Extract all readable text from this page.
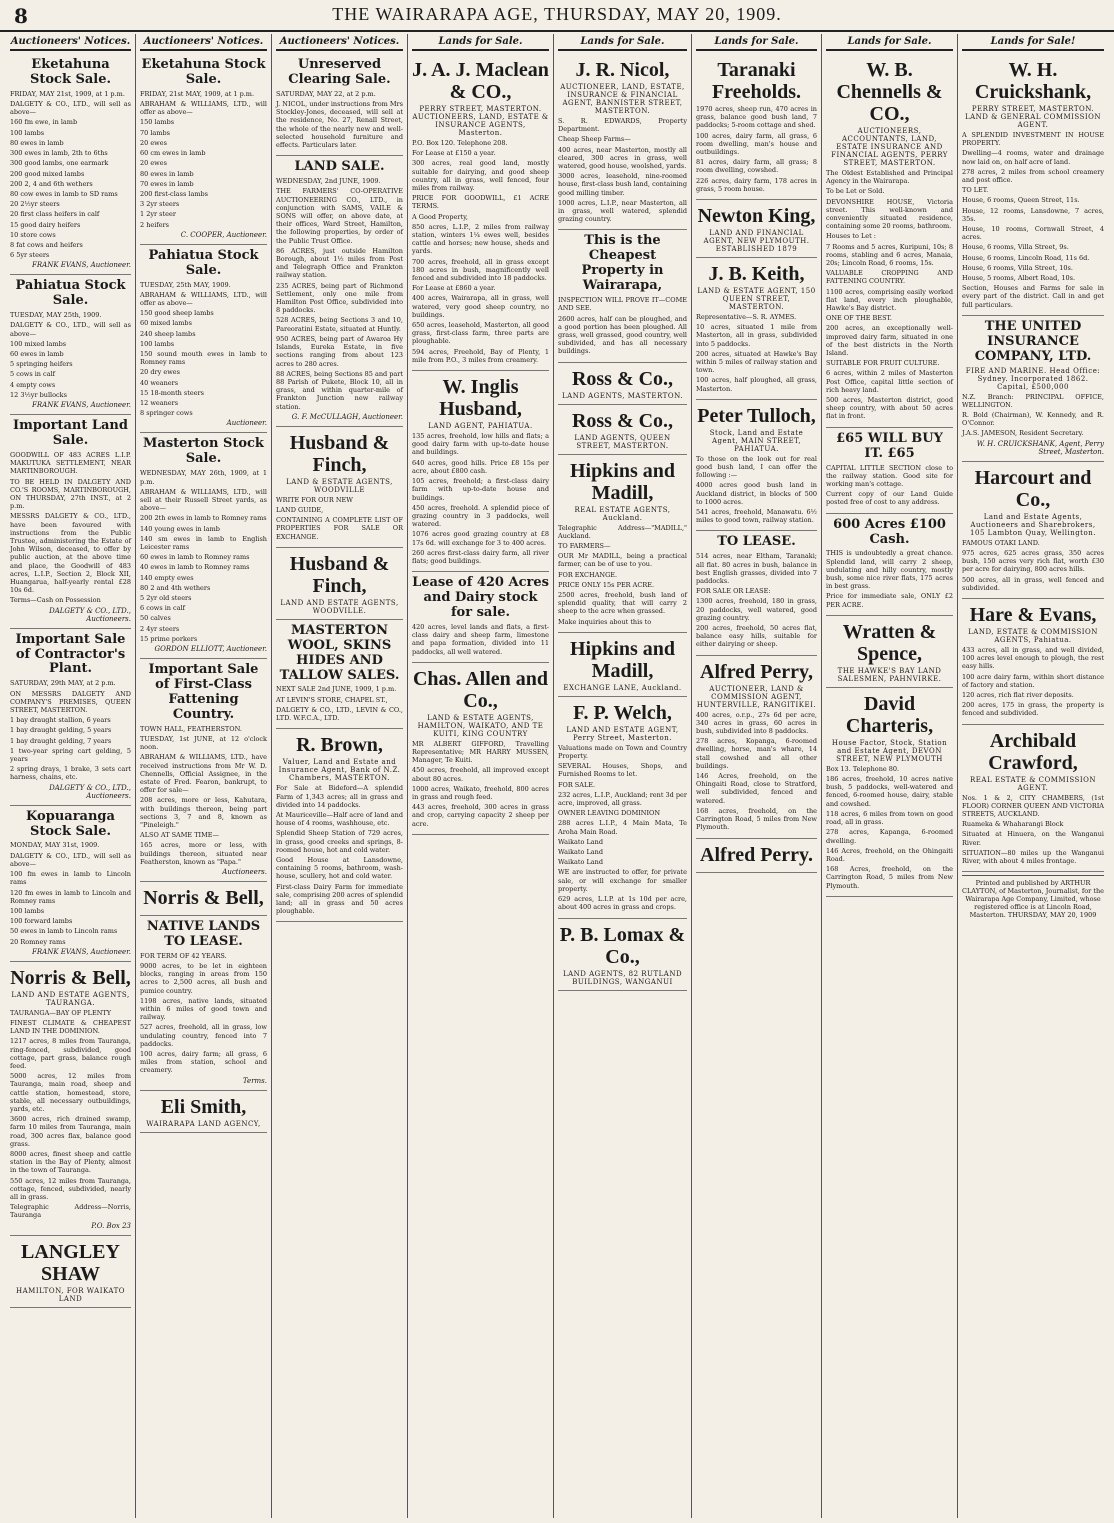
8	THE WAIRARAPA AGE, THURSDAY, MAY 20, 1909.
Auctioneers' Notices.
Eketahuna Stock Sale.
FRIDAY, MAY 21st, 1909, at 1 p.m.
DALGETY & CO., LTD., will sell as above—
160 fm ewe, in lamb
100 lambs
80 ewes in lamb
300 ewes in lamb, 2th to 6ths
300 good lambs, one earmark
200 good mixed lambs
200 2, 4 and 6th wethers
80 cow ewes in lamb to SD rams
20 2½yr steers
20 first class heifers in calf
15 good dairy heifers
10 store cows
8 fat cows and heifers
6 5yr steers
FRANK EVANS, Auctioneer.
Pahiatua Stock Sale.
TUESDAY, MAY 25th, 1909.
DALGETY & CO., LTD., will sell as above—
100 mixed lambs
60 ewes in lamb
5 springing heifers
5 cows in calf
4 empty cows
12 3½yr bullocks
FRANK EVANS, Auctioneer.
Important Land Sale.
GOODWILL OF 483 ACRES L.I.P. MAKUTUKA SETTLEMENT, NEAR MARTINBOROUGH.
TO BE HELD IN DALGETY AND CO.'S ROOMS, MARTINBOROUGH, ON THURSDAY, 27th INST., at 2 p.m.
MESSRS DALGETY & CO., LTD., have been favoured with instructions from the Public Trustee, administering the Estate of John Wilson, deceased, to offer by public auction, at the above time and place, the Goodwill of 483 acres, L.I.P., Section 2, Block XII, Huangarua, half-yearly rental £28 10s 6d.
Terms—Cash on Possession
DALGETY & CO., LTD., Auctioneers.
Important Sale of Contractor's Plant.
SATURDAY, 29th MAY, at 2 p.m.
ON MESSRS DALGETY AND COMPANY'S PREMISES, QUEEN STREET, MASTERTON.
1 bay draught stallion, 6 years
1 bay draught gelding, 5 years
1 bay draught gelding, 7 years
1 two-year spring cart gelding, 5 years
2 spring drays, 1 brake, 3 sets cart harness, chains, etc.
DALGETY & CO., LTD., Auctioneers.
Kopuaranga Stock Sale.
MONDAY, MAY 31st, 1909.
DALGETY & CO., LTD., will sell as above—
100 fm ewes in lamb to Lincoln rams
120 fm ewes in lamb to Lincoln and Romney rams
100 lambs
100 forward lambs
50 ewes in lamb to Lincoln rams
20 Romney rams
FRANK EVANS, Auctioneer.
Norris & Bell,
LAND AND ESTATE AGENTS, TAURANGA.
TAURANGA—BAY OF PLENTY
FINEST CLIMATE & CHEAPEST LAND IN THE DOMINION.
1217 acres, 8 miles from Tauranga, ring-fenced, subdivided, good cottage, part grass, balance rough feed.
5000 acres, 12 miles from Tauranga, main road, sheep and cattle station, homestead, store, stable, all necessary outbuildings, yards, etc.
3600 acres, rich drained swamp, farm 10 miles from Tauranga, main road, 300 acres flax, balance good grass.
8000 acres, finest sheep and cattle station in the Bay of Plenty, almost in the town of Tauranga.
550 acres, 12 miles from Tauranga, cottage, fenced, subdivided, nearly all in grass.
Telegraphic Address—Norris, Tauranga
P.O. Box 23
LANGLEY SHAW
HAMILTON, FOR WAIKATO LAND
Auctioneers' Notices.
Eketahuna Stock Sale.
FRIDAY, 21st MAY, 1909, at 1 p.m.
ABRAHAM & WILLIAMS, LTD., will offer as above—
150 lambs
70 lambs
20 ewes
60 cm ewes in lamb
20 ewes
80 ewes in lamb
70 ewes in lamb
200 first-class lambs
3 2yr steers
1 2yr steer
2 heifers
C. COOPER, Auctioneer.
Pahiatua Stock Sale.
TUESDAY, 25th MAY, 1909.
ABRAHAM & WILLIAMS, LTD., will offer as above—
150 good sheep lambs
60 mixed lambs
240 sheep lambs
100 lambs
150 sound mouth ewes in lamb to Romney rams
20 dry ewes
40 weaners
15 18-month steers
12 weaners
8 springer cows
Auctioneer.
Masterton Stock Sale.
WEDNESDAY, MAY 26th, 1909, at 1 p.m.
ABRAHAM & WILLIAMS, LTD., will sell at their Russell Street yards, as above—
200 2th ewes in lamb to Romney rams
140 young ewes in lamb
140 sm ewes in lamb to English Leicester rams
60 ewes in lamb to Romney rams
40 ewes in lamb to Romney rams
140 empty ewes
80 2 and 4th wethers
5 2yr old steers
6 cows in calf
50 calves
2 4yr steers
15 prime porkers
GORDON ELLIOTT, Auctioneer.
Important Sale of First-Class Fattening Country.
TOWN HALL, FEATHERSTON.
TUESDAY, 1st JUNE, at 12 o'clock noon.
ABRAHAM & WILLIAMS, LTD., have received instructions from Mr W. D. Chennells, Official Assignee, in the estate of Fred. Fearon, bankrupt, to offer for sale—
208 acres, more or less, Kahutara, with buildings thereon, being part sections 3, 7 and 8, known as "Pineleigh."
ALSO AT SAME TIME—
165 acres, more or less, with buildings thereon, situated near Featherston, known as "Papa."
Auctioneers.
Norris & Bell,
NATIVE LANDS TO LEASE.
FOR TERM OF 42 YEARS.
9000 acres, to be let in eighteen blocks, ranging in areas from 150 acres to 2,500 acres, all bush and pumice country.
1198 acres, native lands, situated within 6 miles of good town and railway.
527 acres, freehold, all in grass, low undulating country, fenced into 7 paddocks.
100 acres, dairy farm; all grass, 6 miles from station, school and creamery.
Terms.
Eli Smith,
WAIRARAPA LAND AGENCY,
Auctioneers' Notices.
Unreserved Clearing Sale.
SATURDAY, MAY 22, at 2 p.m.
J. NICOL, under instructions from Mrs Stockley-Jones, deceased, will sell at the residence, No. 27, Renall Street, the whole of the nearly new and well-selected household furniture and effects. Particulars later.
LAND SALE.
WEDNESDAY, 2nd JUNE, 1909.
THE FARMERS' CO-OPERATIVE AUCTIONEERING CO., LTD., in conjunction with SAMS, VAILE & SONS will offer, on above date, at their offices, Ward Street, Hamilton, the following properties, by order of the Public Trust Office.
86 ACRES, just outside Hamilton Borough, about 1½ miles from Post and Telegraph Office and Frankton railway station.
235 ACRES, being part of Richmond Settlement, only one mile from Hamilton Post Office, subdivided into 8 paddocks.
528 ACRES, being Sections 3 and 10, Pareoratini Estate, situated at Huntly.
950 ACRES, being part of Awaroa Hy Islands, Eureka Estate, in five sections ranging from about 123 acres to 280 acres.
88 ACRES, being Sections 85 and part 88 Parish of Pukete, Block 10, all in grass, and within quarter-mile of Frankton Junction new railway station.
G. F. McCULLAGH, Auctioneer.
Husband & Finch,
LAND & ESTATE AGENTS, WOODVILLE
WRITE FOR OUR NEW
LAND GUIDE,
CONTAINING A COMPLETE LIST OF PROPERTIES FOR SALE OR EXCHANGE.
Husband & Finch,
LAND AND ESTATE AGENTS, WOODVILLE.
MASTERTON WOOL, SKINS HIDES AND TALLOW SALES.
NEXT SALE 2nd JUNE, 1909, 1 p.m.
AT LEVIN'S STORE, CHAPEL ST.,
DALGETY & CO., LTD., LEVIN & CO., LTD. W.F.C.A., LTD.
R. Brown,
Valuer, Land and Estate and Insurance Agent, Bank of N.Z. Chambers, MASTERTON.
For Sale at Bideford—A splendid Farm of 1,343 acres; all in grass and divided into 14 paddocks.
At Mauriceville—Half acre of land and house of 4 rooms, washhouse, etc.
Splendid Sheep Station of 729 acres, in grass, good creeks and springs, 8-roomed house, hot and cold water.
Good House at Lansdowne, containing 5 rooms, bathroom, wash-house, scullery, hot and cold water.
First-class Dairy Farm for immediate sale, comprising 200 acres of splendid land; all in grass and 50 acres ploughable.
Lands for Sale.
J. A. J. Maclean & CO.,
PERRY STREET, MASTERTON. AUCTIONEERS, LAND, ESTATE & INSURANCE AGENTS, Masterton.
P.O. Box 120. Telephone 208.
For Lease at £150 a year.
300 acres, real good land, mostly suitable for dairying, and good sheep country, all in grass, well fenced, four miles from railway.
PRICE FOR GOODWILL, £1 ACRE TERMS.
A Good Property,
850 acres, L.I.P., 2 miles from railway station, winters 1¼ ewes well, besides cattle and horses; new house, sheds and yards.
700 acres, freehold, all in grass except 180 acres in bush, magnificently well fenced and subdivided into 18 paddocks.
For Lease at £860 a year.
400 acres, Wairarapa, all in grass, well watered, very good sheep country, no buildings.
650 acres, leasehold, Masterton, all good grass, first-class farm, three parts are ploughable.
594 acres, Freehold, Bay of Plenty, 1 mile from P.O., 3 miles from creamery.
W. Inglis Husband,
LAND AGENT, PAHIATUA.
135 acres, freehold, low hills and flats; a good dairy farm with up-to-date house and buildings.
640 acres, good hills. Price £8 15s per acre, about £800 cash.
105 acres, freehold; a first-class dairy farm with up-to-date house and buildings.
450 acres, freehold. A splendid piece of grazing country in 3 paddocks, well watered.
1076 acres good grazing country at £8 17s 6d. will exchange for 3 to 400 acres.
260 acres first-class dairy farm, all river flats; good buildings.
Lease of 420 Acres and Dairy stock for sale.
420 acres, level lands and flats, a first-class dairy and sheep farm, limestone and papa formation, divided into 11 paddocks, all well watered.
Chas. Allen and Co.,
LAND & ESTATE AGENTS, HAMILTON, WAIKATO, AND TE KUITI, KING COUNTRY
MR ALBERT GIFFORD, Travelling Representative; MR HARRY MUSSEN, Manager, Te Kuiti.
450 acres, freehold, all improved except about 80 acres.
1000 acres, Waikato, freehold, 800 acres in grass and rough feed.
443 acres, freehold, 300 acres in grass and crop, carrying capacity 2 sheep per acre.
Lands for Sale.
J. R. Nicol,
AUCTIONEER, LAND, ESTATE, INSURANCE & FINANCIAL AGENT, BANNISTER STREET, MASTERTON.
S. R. EDWARDS, Property Department.
Cheap Sheep Farms—
400 acres, near Masterton, mostly all cleared, 300 acres in grass, well watered, good house, woolshed, yards.
3000 acres, leasehold, nine-roomed house, first-class bush land, containing good milling timber.
1000 acres, L.I.P., near Masterton, all in grass, well watered, splendid grazing country.
This is the Cheapest Property in Wairarapa,
INSPECTION WILL PROVE IT—COME AND SEE.
2600 acres, half can be ploughed, and a good portion has been ploughed. All grass, well grassed, good country, well subdivided, and has all necessary buildings.
Ross & Co.,
LAND AGENTS, MASTERTON.
Ross & Co.,
LAND AGENTS, QUEEN STREET, MASTERTON.
Hipkins and Madill,
REAL ESTATE AGENTS, Auckland.
Telegraphic Address—"MADILL," Auckland.
TO FARMERS—
OUR Mr MADILL, being a practical farmer, can be of use to you.
FOR EXCHANGE.
PRICE ONLY 15s PER ACRE.
2500 acres, freehold, bush land of splendid quality, that will carry 2 sheep to the acre when grassed.
Make inquiries about this to
Hipkins and Madill,
EXCHANGE LANE, Auckland.
F. P. Welch,
LAND AND ESTATE AGENT, Perry Street, Masterton.
Valuations made on Town and Country Property.
SEVERAL Houses, Shops, and Furnished Rooms to let.
FOR SALE.
232 acres, L.I.P., Auckland; rent 3d per acre, improved, all grass.
OWNER LEAVING DOMINION
288 acres L.I.P., 4 Main Mata, Te Aroha Main Road.
Waikato Land
Waikato Land
Waikato Land
WE are instructed to offer, for private sale, or will exchange for smaller property.
629 acres, L.I.P. at 1s 10d per acre, about 400 acres in grass and crops.
P. B. Lomax & Co.,
LAND AGENTS, 82 RUTLAND BUILDINGS, WANGANUI
Lands for Sale.
Taranaki Freeholds.
1970 acres, sheep run, 470 acres in grass, balance good bush land, 7 paddocks; 5-room cottage and shed.
100 acres, dairy farm, all grass, 6 room dwelling, man's house and outbuildings.
81 acres, dairy farm, all grass; 8 room dwelling, cowshed.
226 acres, dairy farm, 178 acres in grass, 5 room house.
Newton King,
LAND AND FINANCIAL AGENT, NEW PLYMOUTH. ESTABLISHED 1879
J. B. Keith,
LAND & ESTATE AGENT, 150 QUEEN STREET, MASTERTON.
Representative—S. R. AYMES.
10 acres, situated 1 mile from Masterton, all in grass, subdivided into 5 paddocks.
200 acres, situated at Hawke's Bay within 5 miles of railway station and town.
100 acres, half ploughed, all grass, Masterton.
Peter Tulloch,
Stock, Land and Estate Agent, MAIN STREET, PAHIATUA.
To those on the look out for real good bush land, I can offer the following :—
4000 acres good bush land in Auckland district, in blocks of 500 to 1000 acres.
541 acres, freehold, Manawatu. 6½ miles to good town, railway station.
TO LEASE.
514 acres, near Eltham, Taranaki; all flat. 80 acres in bush, balance in best English grasses, divided into 7 paddocks.
FOR SALE OR LEASE:
1300 acres, freehold, 180 in grass, 20 paddocks, well watered, good grazing country.
200 acres, freehold, 50 acres flat, balance easy hills, suitable for either dairying or sheep.
Alfred Perry,
AUCTIONEER, LAND & COMMISSION AGENT, HUNTERVILLE, RANGITIKEI.
400 acres, o.r.p., 27s 6d per acre, 340 acres in grass, 60 acres in bush, subdivided into 8 paddocks.
278 acres, Kopanga, 6-roomed dwelling, horse, man's whare, 14 stall cowshed and all other buildings.
146 Acres, freehold, on the Ohingaiti Road, close to Stratford, well subdivided, fenced and watered.
168 acres, freehold, on the Carrington Road, 5 miles from New Plymouth.
Alfred Perry.
Lands for Sale.
W. B. Chennells & CO.,
AUCTIONEERS, ACCOUNTANTS, LAND, ESTATE INSURANCE AND FINANCIAL AGENTS, PERRY STREET, MASTERTON.
The Oldest Established and Principal Agency in the Wairarapa.
To be Let or Sold.
DEVONSHIRE HOUSE, Victoria street. This well-known and conveniently situated residence, containing some 20 rooms, bathroom.
Houses to Let :
7 Rooms and 5 acres, Kuripuni, 10s; 8 rooms, stabling and 6 acres, Manaia, 20s; Lincoln Road, 6 rooms, 15s.
VALUABLE CROPPING AND FATTENING COUNTRY.
1100 acres, comprising easily worked flat land, every inch ploughable, Hawke's Bay district.
ONE OF THE BEST.
200 acres, an exceptionally well-improved dairy farm, situated in one of the best districts in the North Island.
SUITABLE FOR FRUIT CULTURE.
6 acres, within 2 miles of Masterton Post Office, capital little section of rich heavy land.
500 acres, Masterton district, good sheep country, with about 50 acres flat in front.
£65 WILL BUY IT. £65
CAPITAL LITTLE SECTION close to the railway station. Good site for working man's cottage.
Current copy of our Land Guide posted free of cost to any address.
600 Acres £100 Cash.
THIS is undoubtedly a great chance. Splendid land, will carry 2 sheep, undulating and hilly country, mostly bush, some nice river flats, 175 acres in best grass.
Price for immediate sale, ONLY £2 PER ACRE.
Wratten & Spence,
THE HAWKE'S BAY LAND SALESMEN, PAHNVIRKE.
David Charteris,
House Factor, Stock, Station and Estate Agent, DEVON STREET, NEW PLYMOUTH
Box 13. Telephone 80.
186 acres, freehold, 10 acres native bush, 5 paddocks, well-watered and fenced, 6-roomed house, dairy, stable and cowshed.
118 acres, 6 miles from town on good road, all in grass.
278 acres, Kapanga, 6-roomed dwelling.
146 Acres, freehold, on the Ohingaiti Road.
168 Acres, freehold, on the Carrington Road, 5 miles from New Plymouth.
Lands for Sale!
W. H. Cruickshank,
PERRY STREET, MASTERTON. LAND & GENERAL COMMISSION AGENT.
A SPLENDID INVESTMENT IN HOUSE PROPERTY.
Dwelling—4 rooms, water and drainage now laid on, on half acre of land.
278 acres, 2 miles from school creamery and post office.
TO LET.
House, 6 rooms, Queen Street, 11s.
House, 12 rooms, Lansdowne, 7 acres, 35s.
House, 10 rooms, Cornwall Street, 4 acres.
House, 6 rooms, Villa Street, 9s.
House, 6 rooms, Lincoln Road, 11s 6d.
House, 6 rooms, Villa Street, 10s.
House, 5 rooms, Albert Road, 10s.
Section, Houses and Farms for sale in every part of the district. Call in and get full particulars.
THE UNITED INSURANCE COMPANY, LTD.
FIRE AND MARINE. Head Office: Sydney. Incorporated 1862. Capital, £500,000
N.Z. Branch: PRINCIPAL OFFICE, WELLINGTON.
R. Bold (Chairman), W. Kennedy, and R. O'Connor.
J.A.S. JAMESON, Resident Secretary.
W. H. CRUICKSHANK, Agent, Perry Street, Masterton.
Harcourt and Co.,
Land and Estate Agents, Auctioneers and Sharebrokers, 105 Lambton Quay, Wellington.
FAMOUS OTAKI LAND.
975 acres, 625 acres grass, 350 acres bush, 150 acres very rich flat, worth £30 per acre for dairying, 800 acres hills.
500 acres, all in grass, well fenced and subdivided.
Hare & Evans,
LAND, ESTATE & COMMISSION AGENTS, Pahiatua.
433 acres, all in grass, and well divided, 100 acres level enough to plough, the rest easy hills.
100 acre dairy farm, within short distance of factory and station.
120 acres, rich flat river deposits.
200 acres, 175 in grass, the property is fenced and subdivided.
Archibald Crawford,
REAL ESTATE & COMMISSION AGENT.
Nos. 1 & 2, CITY CHAMBERS, (1st FLOOR) CORNER QUEEN AND VICTORIA STREETS, AUCKLAND.
Ruameka & Whaharangi Block
Situated at Hinuera, on the Wanganui River.
SITUATION—80 miles up the Wanganui River, with about 4 miles frontage.
Printed and published by ARTHUR CLAYTON, of Masterton, Journalist, for the Wairarapa Age Company, Limited, whose registered office is at Lincoln Road, Masterton. THURSDAY, MAY 20, 1909
